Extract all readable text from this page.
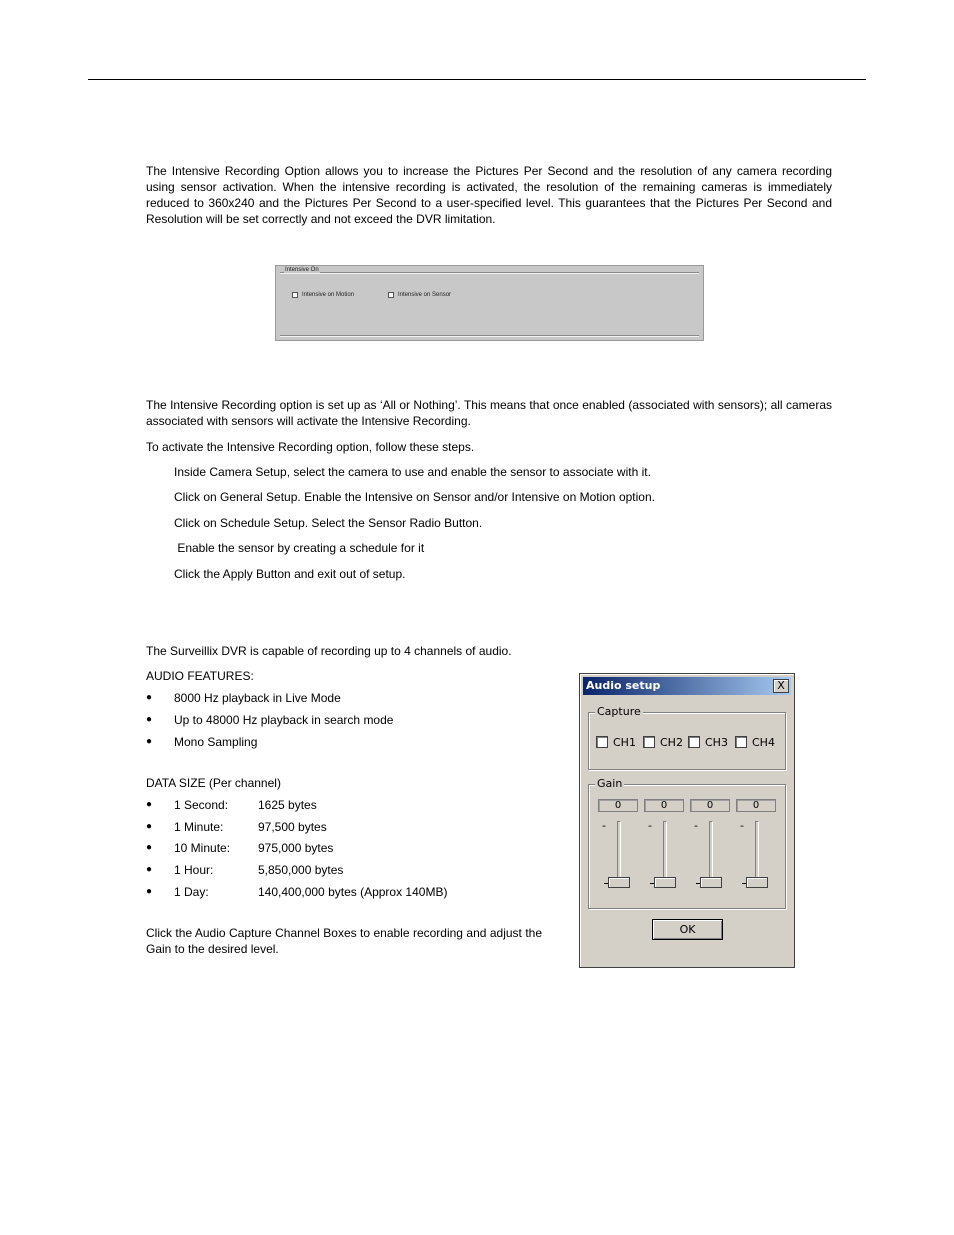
The Intensive Recording Option allows you to increase the Pictures Per Second and the resolution of any camera recording using sensor activation. When the intensive recording is activated, the resolution of the remaining cameras is immediately reduced to 360x240 and the Pictures Per Second to a user-specified level. This guarantees that the Pictures Per Second and Resolution will be set correctly and not exceed the DVR limitation.
Intensive On
Intensive on Motion	Intensive on Sensor
The Intensive Recording option is set up as ‘All or Nothing’. This means that once enabled (associated with sensors); all cameras associated with sensors will activate the Intensive Recording.
To activate the Intensive Recording option, follow these steps.
Inside Camera Setup, select the camera to use and enable the sensor to associate with it.
Click on General Setup. Enable the Intensive on Sensor and/or Intensive on Motion option.
Click on Schedule Setup. Select the Sensor Radio Button.
Enable the sensor by creating a schedule for it
Click the Apply Button and exit out of setup.
The Surveillix DVR is capable of recording up to 4 channels of audio.
AUDIO FEATURES:
● 8000 Hz playback in Live Mode
● Up to 48000 Hz playback in search mode
● Mono Sampling
DATA SIZE (Per channel)
● 1 Second: 1625 bytes
● 1 Minute:	97,500 bytes
● 10 Minute: 975,000 bytes
● 1 Hour:	5,850,000 bytes
● 1 Day:	140,400,000 bytes (Approx 140MB)
Click the Audio Capture Channel Boxes to enable recording and adjust the Gain to the desired level.
Audio setup	X
Capture
CH1 CH2 CH3 CH4
Gain
0	0	0	0
-	-	-	-
OK
